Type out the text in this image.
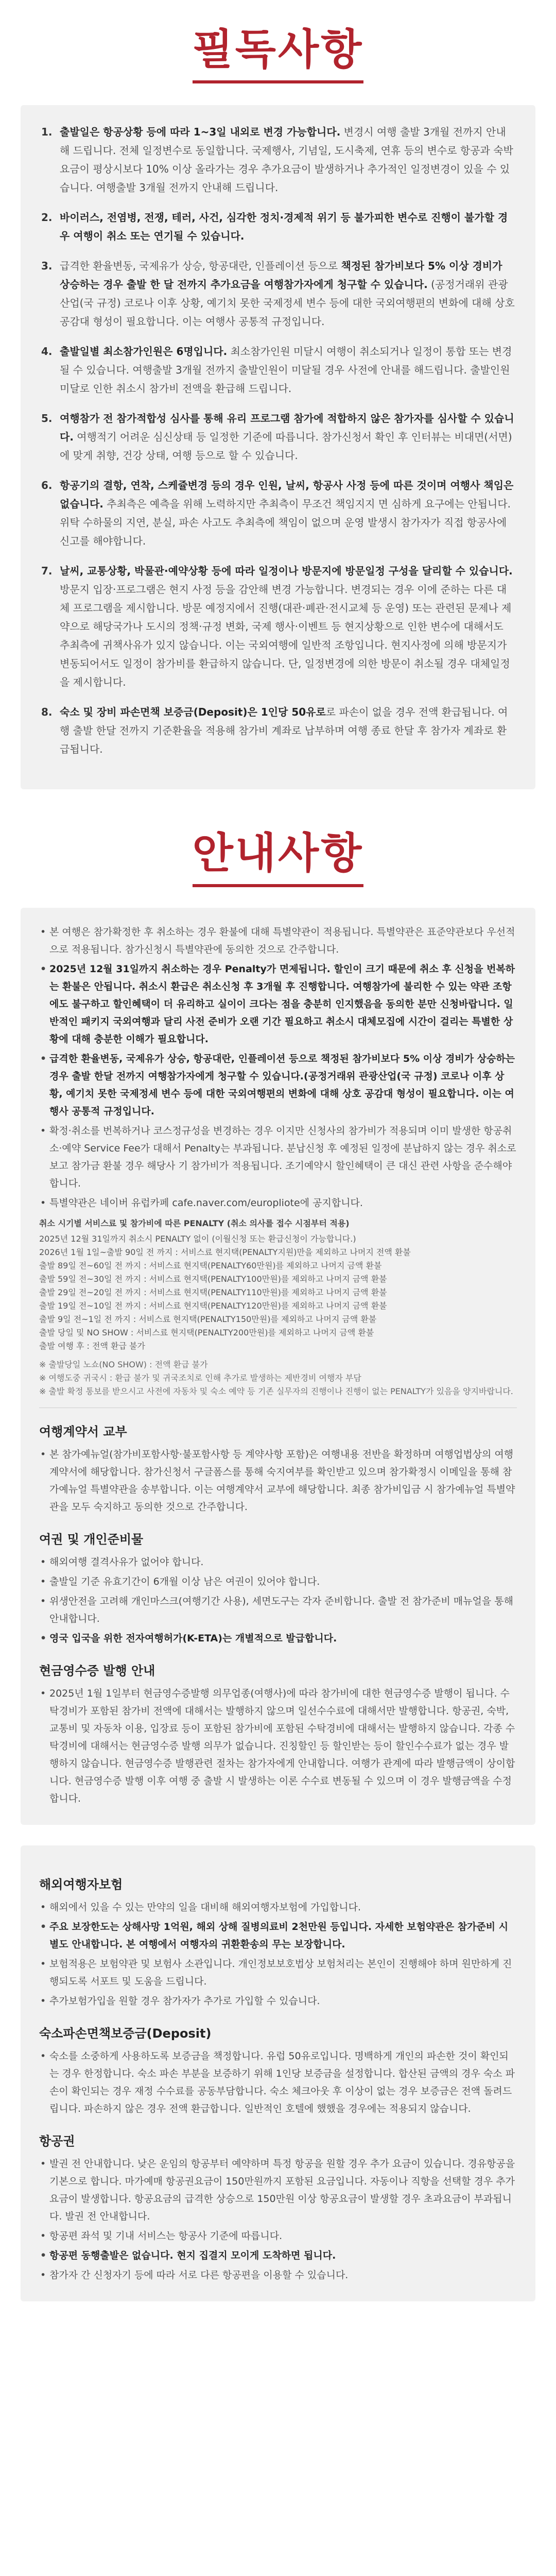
필독사항
1. 출발일은 항공상황 등에 따라 1~3일 내외로 변경 가능합니다. 변경시 여행 출발 3개월 전까지 안내해 드립니다. 전체 일정변수로 동일합니다. 국제행사, 기념일, 도시축제, 연휴 등의 변수로 항공과 숙박 요금이 평상시보다 10% 이상 올라가는 경우 추가요금이 발생하거나 추가적인 일정변경이 있을 수 있습니다. 여행출발 3개월 전까지 안내해 드립니다.
2. 바이러스, 전염병, 전쟁, 테러, 사건, 심각한 정치·경제적 위기 등 불가피한 변수로 진행이 불가할 경우 여행이 취소 또는 연기될 수 있습니다.
3. 급격한 환율변동, 국제유가 상승, 항공대란, 인플레이션 등으로 책정된 참가비보다 5% 이상 경비가 상승하는 경우 출발 한 달 전까지 추가요금을 여행참가자에게 청구할 수 있습니다. (공정거래위 관광산업(국 규정) 코로나 이후 상황, 예기치 못한 국제정세 변수 등에 대한 국외여행편의 변화에 대해 상호 공감대 형성이 필요합니다. 이는 여행사 공통적 규정입니다.
4. 출발일별 최소참가인원은 6명입니다. 최소참가인원 미달시 여행이 취소되거나 일정이 통합 또는 변경될 수 있습니다. 여행출발 3개월 전까지 출발인원이 미달될 경우 사전에 안내를 해드립니다. 출발인원 미달로 인한 취소시 참가비 전액을 환급해 드립니다.
5. 여행참가 전 참가적합성 심사를 통해 유리 프로그램 참가에 적합하지 않은 참가자를 심사할 수 있습니다. 여행적기 어려운 심신상태 등 일정한 기준에 따릅니다. 참가신청서 확인 후 인터뷰는 비대면(서면)에 맞게 취향, 건강 상태, 여행 등으로 할 수 있습니다.
6. 항공기의 결항, 연착, 스케쥴변경 등의 경우 인원, 날씨, 항공사 사정 등에 따른 것이며 여행사 책임은 없습니다. 추최측은 예측을 위해 노력하지만 추최측이 무조건 책임지지 면 심하게 요구에는 안됩니다. 위탁 수하물의 지연, 분실, 파손 사고도 추최측에 책임이 없으며 운영 발생시 참가자가 직접 항공사에 신고를 해야합니다.
7. 날씨, 교통상황, 박물관·예약상황 등에 따라 일정이나 방문지에 방문일정 구성을 달리할 수 있습니다. 방문지 입장·프로그램은 현지 사정 등을 감안해 변경 가능합니다. 변경되는 경우 이에 준하는 다른 대체 프로그램을 제시합니다. 방문 예정지에서 진행(대관·폐관·전시교체 등 운영) 또는 관련된 문제나 제약으로 해당국가나 도시의 정책·규정 변화, 국제 행사·이벤트 등 현지상황으로 인한 변수에 대해서도 추최측에 귀책사유가 있지 않습니다. 이는 국외여행에 일반적 조항입니다. 현지사정에 의해 방문지가 변동되어서도 일정이 참가비를 환급하지 않습니다. 단, 일정변경에 의한 방문이 취소될 경우 대체일정을 제시합니다.
8. 숙소 및 장비 파손면책 보증금(Deposit)은 1인당 50유로로 파손이 없을 경우 전액 환급됩니다. 여행 출발 한달 전까지 기준환율을 적용해 참가비 계좌로 납부하며 여행 종료 한달 후 참가자 계좌로 환급됩니다.
안내사항
• 본 여행은 참가확정한 후 취소하는 경우 환불에 대해 특별약관이 적용됩니다. 특별약관은 표준약관보다 우선적으로 적용됩니다. 참가신청시 특별약관에 동의한 것으로 간주합니다.
• 2025년 12월 31일까지 취소하는 경우 Penalty가 면제됩니다. 할인이 크기 때문에 취소 후 신청을 번복하는 환불은 안됩니다. 취소시 환급은 취소신청 후 3개월 후 진행합니다. 여행참가에 불리한 수 있는 약관 조항에도 불구하고 할인혜택이 더 유리하고 실이이 크다는 점을 충분히 인지했음을 동의한 분만 신청바랍니다. 일반적인 패키지 국외여행과 달리 사전 준비가 오랜 기간 필요하고 취소시 대체모집에 시간이 걸리는 특별한 상황에 대해 충분한 이해가 필요합니다.
• 급격한 환율변동, 국제유가 상승, 항공대란, 인플레이션 등으로 책정된 참가비보다 5% 이상 경비가 상승하는 경우 출발 한달 전까지 여행참가자에게 청구할 수 있습니다.(공정거래위 관광산업(국 규정) 코로나 이후 상황, 예기치 못한 국제정세 변수 등에 대한 국외여행편의 변화에 대해 상호 공감대 형성이 필요합니다. 이는 여행사 공통적 규정입니다.
• 확정·취소를 번복하거나 코스정규성을 변경하는 경우 이지만 신청사의 참가비가 적용되며 이미 발생한 항공취소·예약 Service Fee가 대해서 Penalty는 부과됩니다. 분납신청 후 예정된 일정에 분납하지 않는 경우 취소로 보고 참가금 환불 경우 해당사 기 참가비가 적용됩니다. 조기예약시 할인혜택이 큰 대신 관련 사항을 준수해야 합니다.
• 특별약관은 네이버 유럽카페 cafe.naver.com/europliote에 공지합니다.
취소 시기별 서비스료 및 참가비에 따른 PENALTY (취소 의사를 접수 시점부터 적용)
2025년 12월 31일까지 취소시 PENALTY 없이 (이월신청 또는 환급신청이 가능합니다.)
2026년 1월 1일~출발 90일 전 까지 : 서비스료 현지택(PENALTY지원)만을 제외하고 나머지 전액 환불
출발 89일 전~60일 전 까지 : 서비스료 현지택(PENALTY60만원)를 제외하고 나머지 금액 환불
출발 59일 전~30일 전 까지 : 서비스료 현지택(PENALTY100만원)를 제외하고 나머지 금액 환불
출발 29일 전~20일 전 까지 : 서비스료 현지택(PENALTY110만원)를 제외하고 나머지 금액 환불
출발 19일 전~10일 전 까지 : 서비스료 현지택(PENALTY120만원)를 제외하고 나머지 금액 환불
출발 9일 전~1일 전 까지 : 서비스료 현지택(PENALTY150만원)를 제외하고 나머지 금액 환불
출발 당일 및 NO SHOW : 서비스료 현지택(PENALTY200만원)를 제외하고 나머지 금액 환불
출발 여행 후 : 전액 환급 불가
※ 출발당일 노쇼(NO SHOW) : 전액 환급 불가
※ 여행도중 귀국시 : 환급 불가 및 귀국조치로 인해 추가로 발생하는 제반경비 여행자 부담
※ 출발 확정 통보를 받으시고 사전에 자동차 및 숙소 예약 등 기존 실무자의 진행이나 진행이 없는 PENALTY가 있음을 양지바랍니다.
여행계약서 교부
• 본 참가예뉴얼(참가비포함사항·불포함사항 등 계약사항 포함)은 여행내용 전반을 확정하며 여행업법상의 여행계약서에 해당합니다. 참가신청서 구글폼스를 통해 숙지여부를 확인받고 있으며 참가확정시 이메일을 통해 참가예뉴얼 특별약관을 송부합니다. 이는 여행계약서 교부에 해당합니다. 최종 참가비입금 시 참가예뉴얼 특별약관을 모두 숙지하고 동의한 것으로 간주합니다.
여권 및 개인준비물
• 해외여행 결격사유가 없어야 합니다.
• 출발일 기준 유효기간이 6개월 이상 남은 여권이 있어야 합니다.
• 위생안전을 고려해 개인마스크(여행기간 사용), 세면도구는 각자 준비합니다. 출발 전 참가준비 매뉴얼을 통해 안내합니다.
• 영국 입국을 위한 전자여행허가(K-ETA)는 개별적으로 발급합니다.
현금영수증 발행 안내
• 2025년 1월 1일부터 현금영수증발행 의무업종(여행사)에 따라 참가비에 대한 현금영수증 발행이 됩니다. 수탁경비가 포함된 참가비 전액에 대해서는 발행하지 않으며 일선수수료에 대해서만 발행합니다. 항공권, 숙박, 교통비 및 자동차 이용, 입장료 등이 포함된 참가비에 포함된 수탁경비에 대해서는 발행하지 않습니다. 각종 수탁경비에 대해서는 현금영수증 발행 의무가 없습니다. 진칭할인 등 할인받는 등이 할인수수료가 없는 경우 발행하지 않습니다. 현금영수증 발행관련 절차는 참가자에게 안내합니다. 여행가 관계에 따라 발행금액이 상이합니다. 현금영수증 발행 이후 여행 중 출발 시 발생하는 이론 수수료 변동될 수 있으며 이 경우 발행금액을 수정합니다.
해외여행자보험
• 해외에서 있을 수 있는 만약의 일을 대비해 해외여행자보험에 가입합니다.
• 주요 보장한도는 상해사망 1억원, 해외 상해 질병의료비 2천만원 등입니다. 자세한 보험약관은 참가준비 시 별도 안내합니다. 본 여행에서 여행자의 귀환환송의 무는 보장합니다.
• 보험적용은 보험약관 및 보험사 소관입니다. 개인정보보호법상 보험처리는 본인이 진행해야 하며 원만하게 진행되도록 서포트 및 도움을 드립니다.
• 추가보험가입을 원할 경우 참가자가 추가로 가입할 수 있습니다.
숙소파손면책보증금(Deposit)
• 숙소를 소중하게 사용하도록 보증금을 책정합니다. 유럽 50유로입니다. 명백하게 개인의 파손한 것이 확인되는 경우 한정합니다. 숙소 파손 부분을 보증하기 위해 1인당 보증금을 설정합니다. 합산된 금액의 경우 숙소 파손이 확인되는 경우 재정 수수료를 공동부담합니다. 숙소 체크아웃 후 이상이 없는 경우 보증금은 전액 돌려드립니다. 파손하지 않은 경우 전액 환급합니다. 일반적인 호텔에 했했을 경우에는 적용되지 않습니다.
항공권
• 발권 전 안내합니다. 낮은 운임의 항공부터 예약하며 특정 항공을 원할 경우 추가 요금이 있습니다. 경유항공을 기본으로 합니다. 마가예매 항공권요금이 150만원까지 포함된 요금입니다. 자동이나 직항을 선택할 경우 추가요금이 발생합니다. 항공요금의 급격한 상승으로 150만원 이상 항공요금이 발생할 경우 초과요금이 부과됩니다. 발권 전 안내합니다.
• 항공편 좌석 및 기내 서비스는 항공사 기준에 따릅니다.
• 항공편 동행출발은 없습니다. 현지 집결지 모이게 도착하면 됩니다.
• 참가자 간 신청자기 등에 따라 서로 다른 항공편을 이용할 수 있습니다.
